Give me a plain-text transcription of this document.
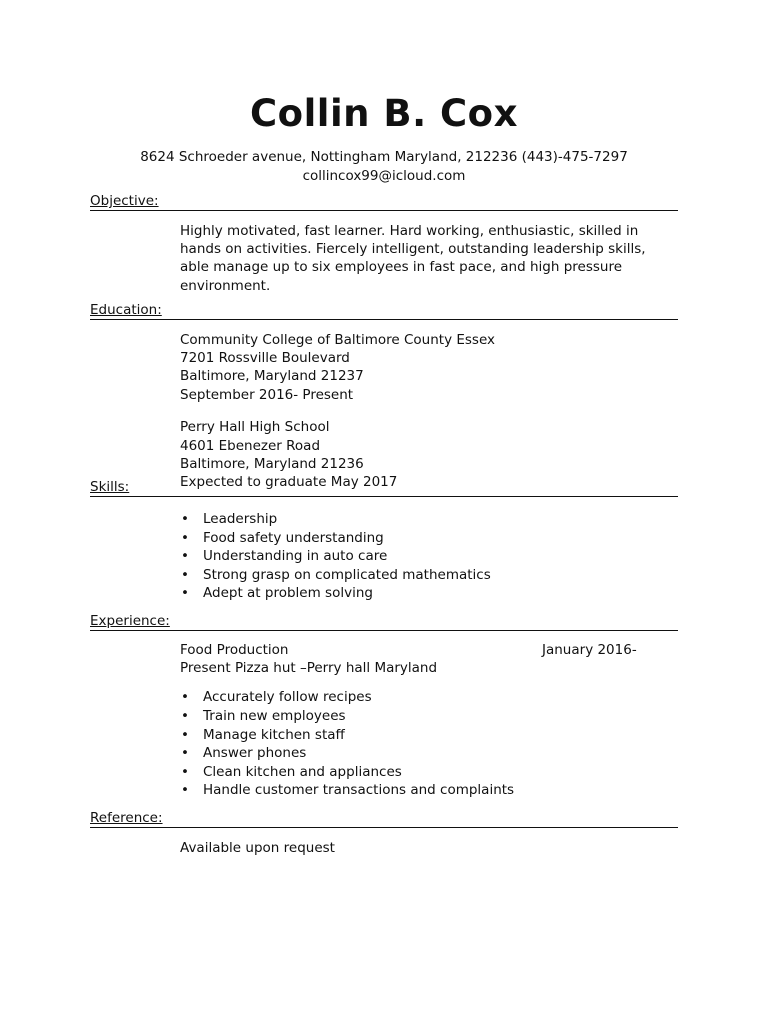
Collin B. Cox
8624 Schroeder avenue, Nottingham Maryland, 212236 (443)-475-7297
collincox99@icloud.com
Objective:

Highly motivated, fast learner. Hard working, enthusiastic, skilled in

hands on activities. Fiercely intelligent, outstanding leadership skills,

able manage up to six employees in fast pace, and high pressure

environment.

Education:

Community College of Baltimore County Essex

7201 Rossville Boulevard

Baltimore, Maryland 21237

September 2016- Present

Perry Hall High School

4601 Ebenezer Road

Baltimore, Maryland 21236

Expected to graduate May 2017

Skills:
• Leadership
• Food safety understanding
• Understanding in auto care
• Strong grasp on complicated mathematics
• Adept at problem solving
Experience:
Food Production	January 2016-

Present Pizza hut –Perry hall Maryland

• Accurately follow recipes
• Train new employees
• Manage kitchen staff
• Answer phones
• Clean kitchen and appliances
• Handle customer transactions and complaints
Reference:

Available upon request
